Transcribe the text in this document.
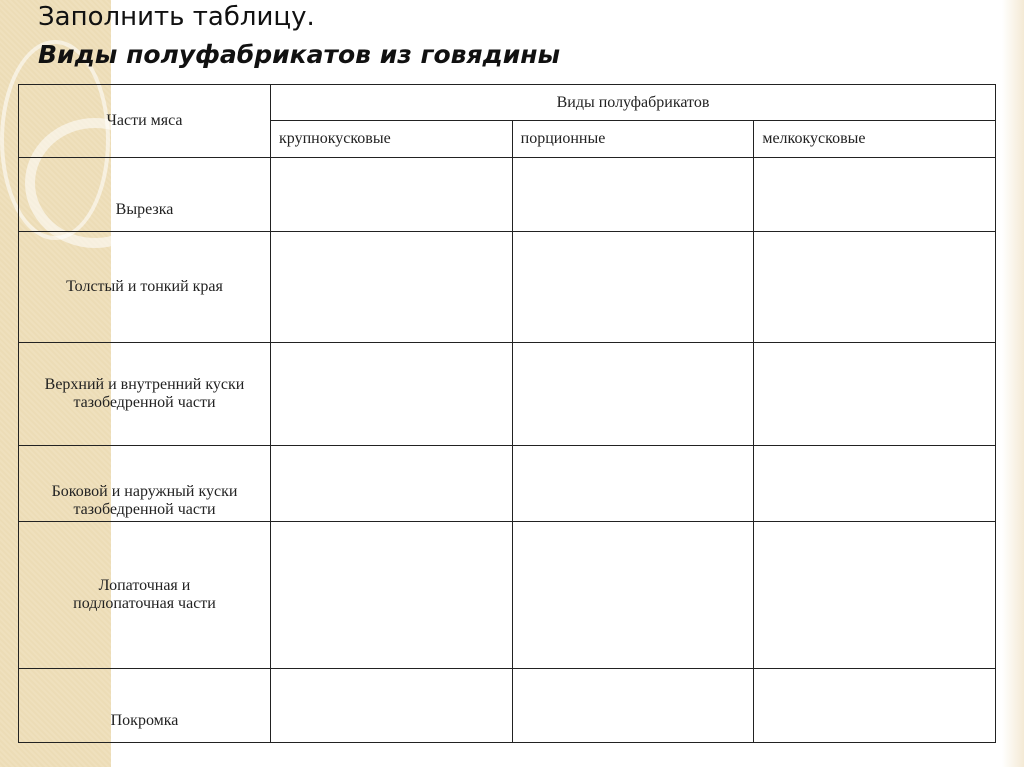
Заполнить таблицу.
Виды полуфабрикатов из говядины
Части мяса	Виды полуфабрикатов		
	крупнокусковые	порционные	мелкокусковые
Вырезка			
Толстый и тонкий края			
Верхний и внутренний куски тазобедренной части			
Боковой и наружный куски тазобедренной части			
Лопаточная и подлопаточная части			
Покромка			
